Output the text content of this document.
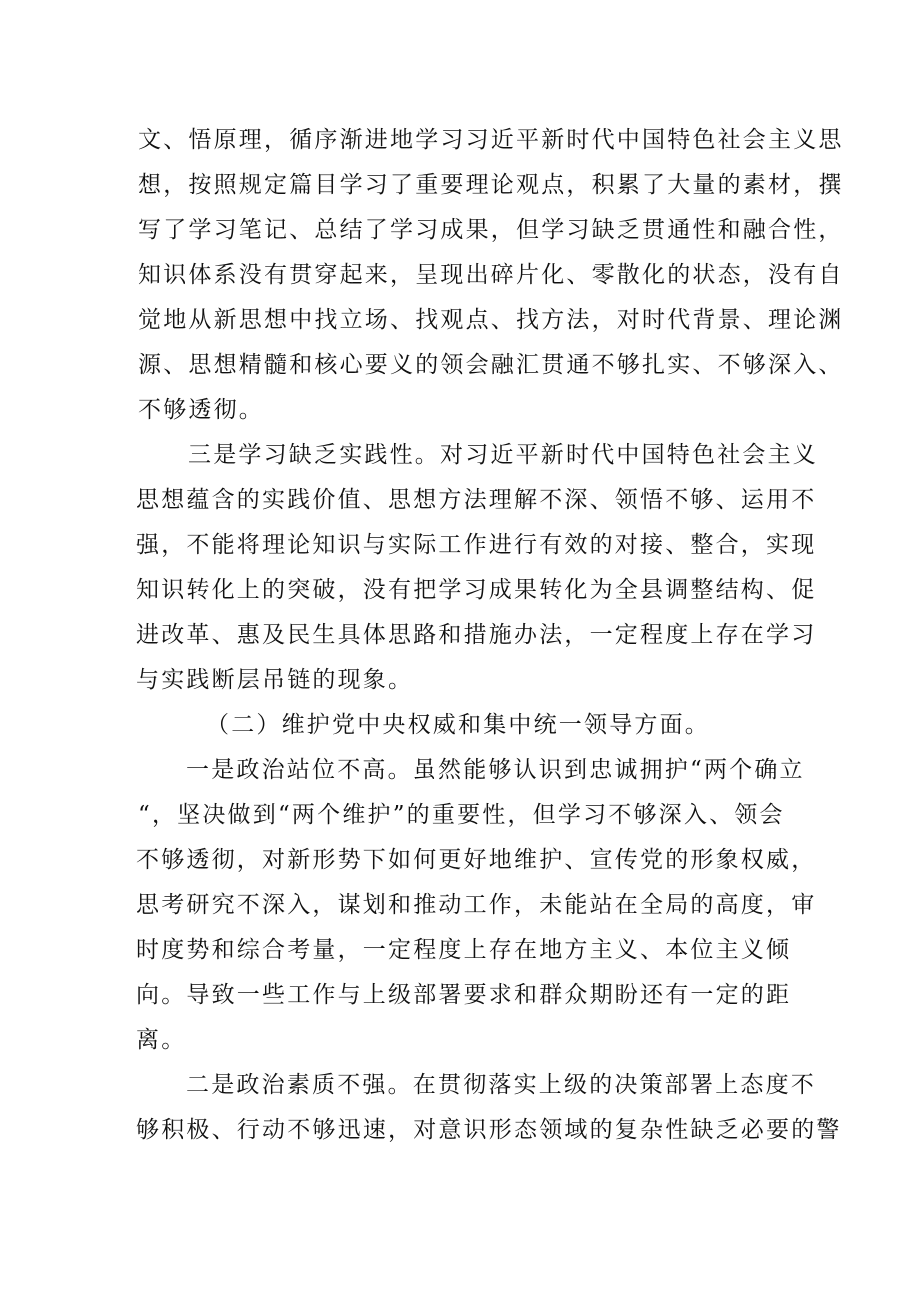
文、悟原理，循序渐进地学习习近平新时代中国特色社会主义思
想，按照规定篇目学习了重要理论观点，积累了大量的素材，撰
写了学习笔记、总结了学习成果，但学习缺乏贯通性和融合性，
知识体系没有贯穿起来，呈现出碎片化、零散化的状态，没有自
觉地从新思想中找立场、找观点、找方法，对时代背景、理论渊
源、思想精髓和核心要义的领会融汇贯通不够扎实、不够深入、
不够透彻。
三是学习缺乏实践性。对习近平新时代中国特色社会主义
思想蕴含的实践价值、思想方法理解不深、领悟不够、运用不
强，不能将理论知识与实际工作进行有效的对接、整合，实现
知识转化上的突破，没有把学习成果转化为全县调整结构、促
进改革、惠及民生具体思路和措施办法，一定程度上存在学习
与实践断层吊链的现象。
（二）维护党中央权威和集中统一领导方面。
一是政治站位不高。虽然能够认识到忠诚拥护“两个确立
“，坚决做到“两个维护”的重要性，但学习不够深入、领会
不够透彻，对新形势下如何更好地维护、宣传党的形象权威，
思考研究不深入，谋划和推动工作，未能站在全局的高度，审
时度势和综合考量，一定程度上存在地方主义、本位主义倾
向。导致一些工作与上级部署要求和群众期盼还有一定的距
离。
二是政治素质不强。在贯彻落实上级的决策部署上态度不
够积极、行动不够迅速，对意识形态领域的复杂性缺乏必要的警
